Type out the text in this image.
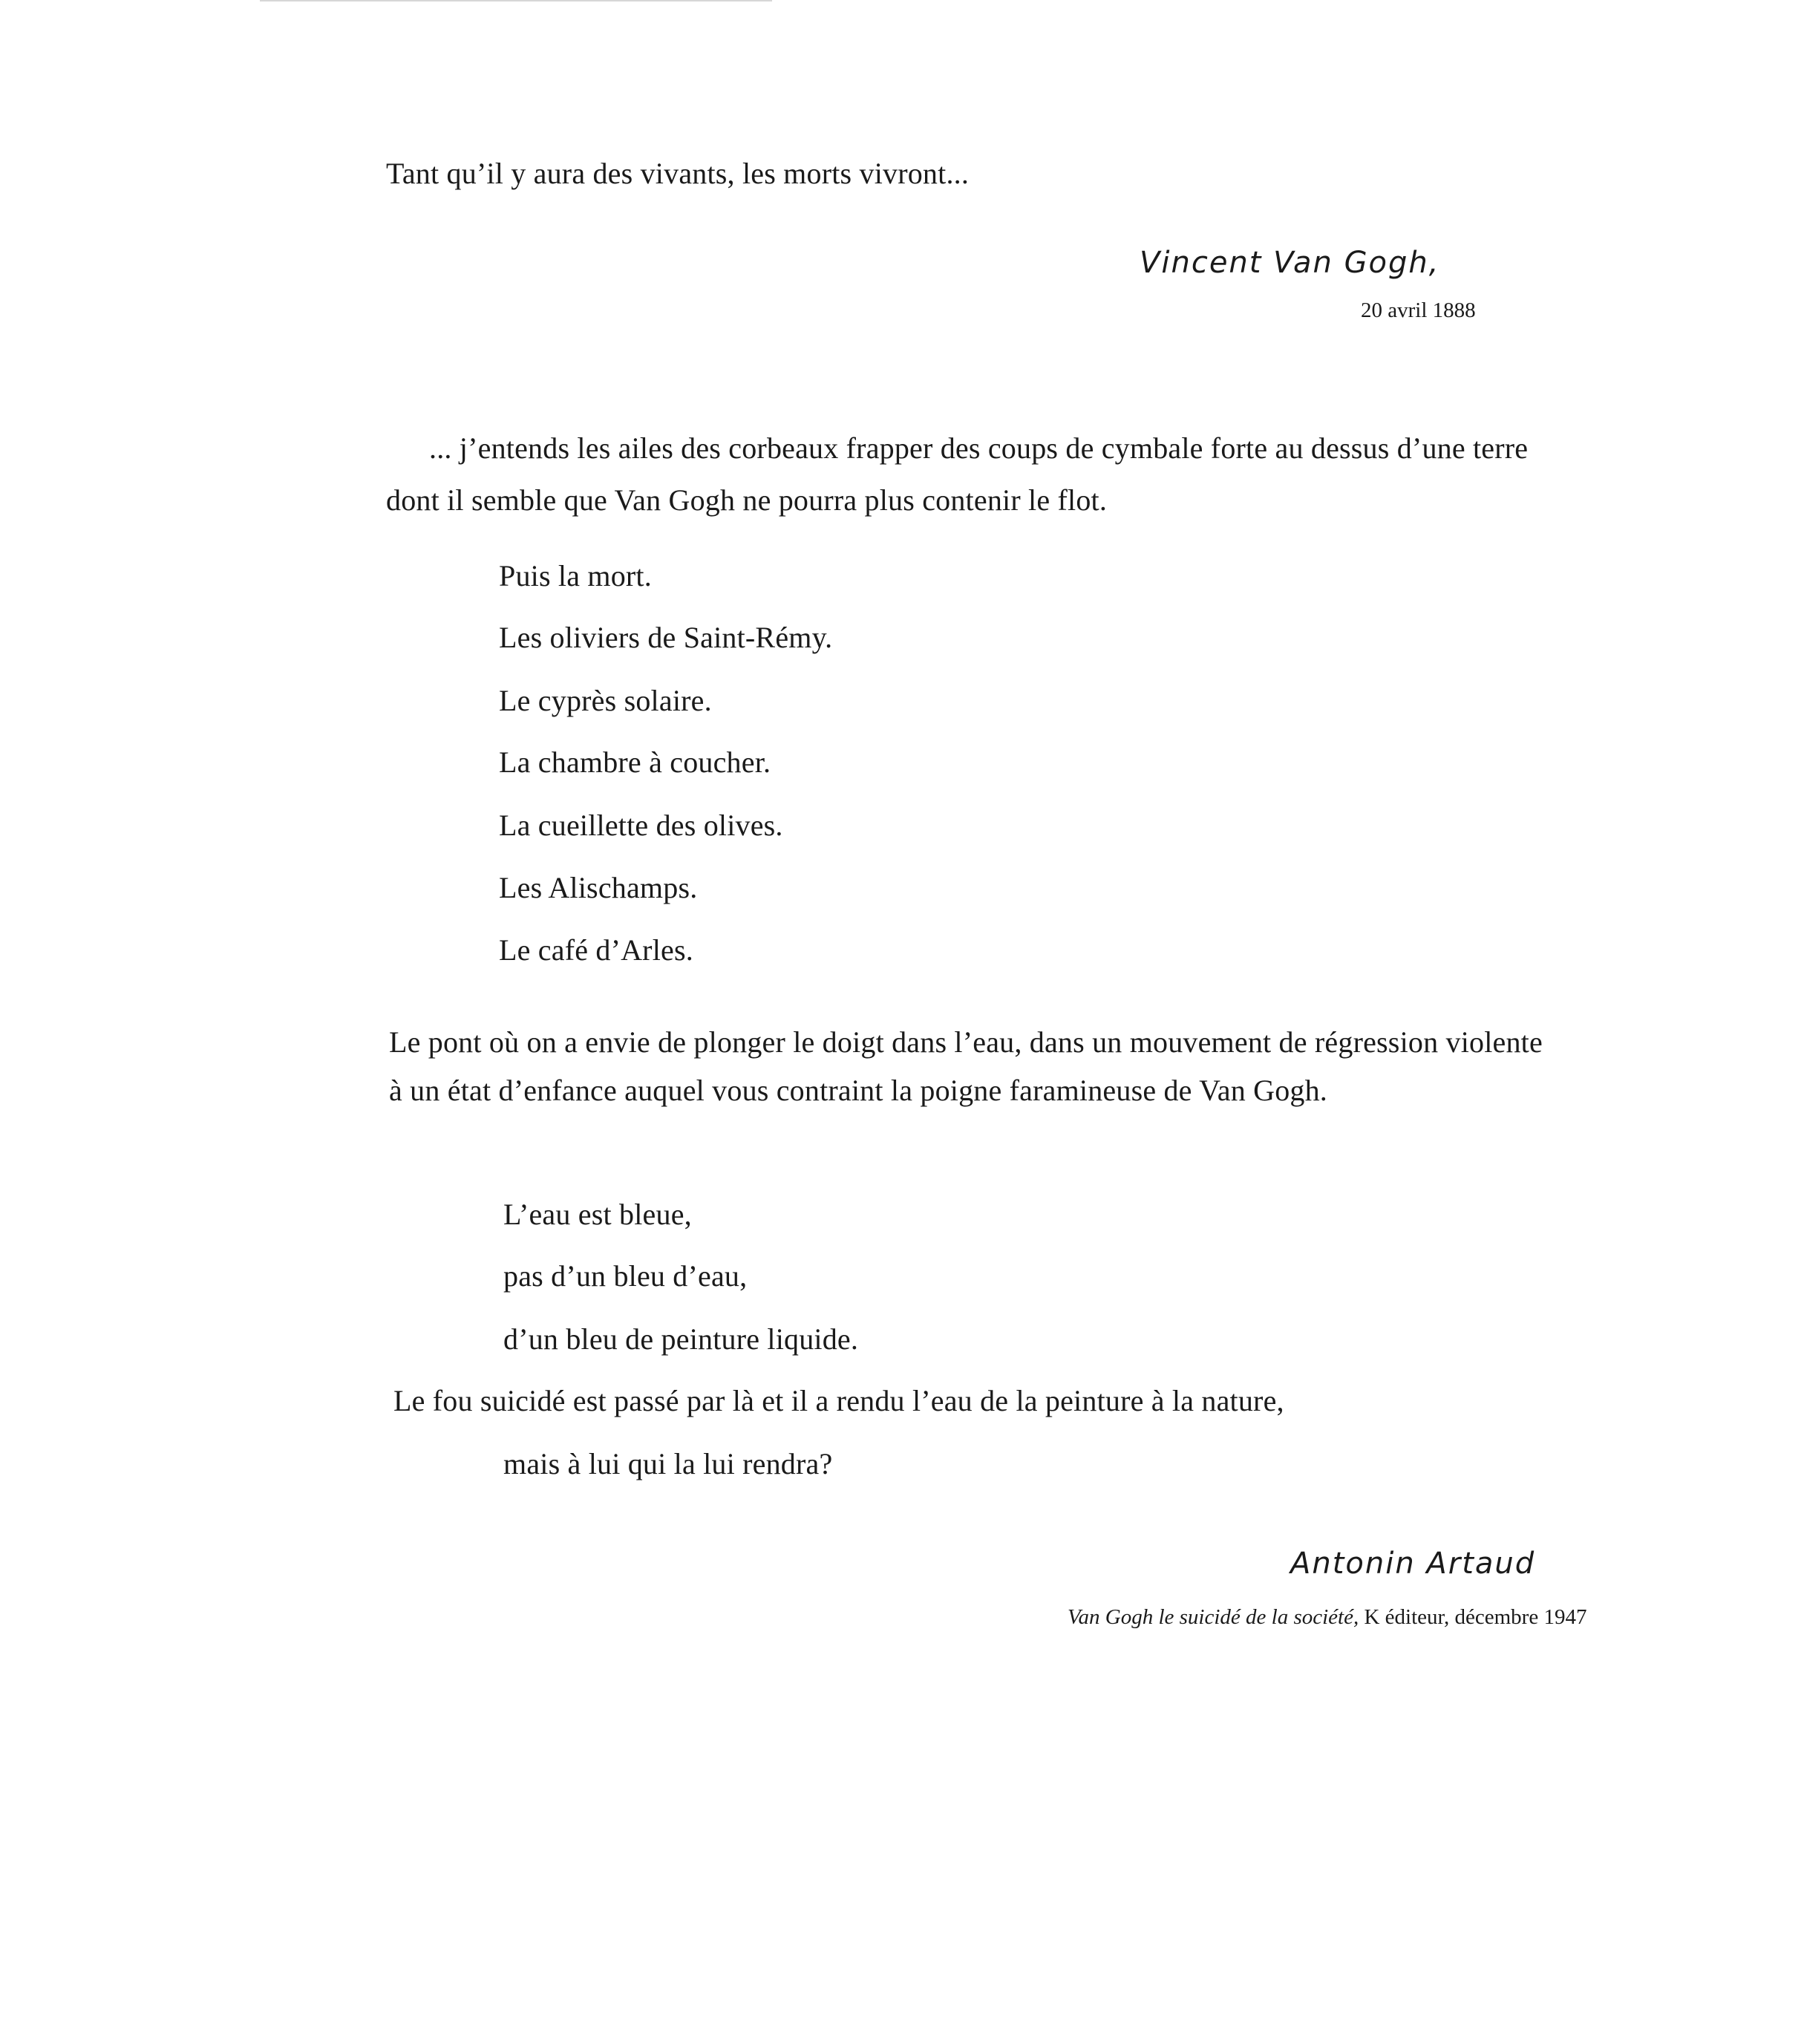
Tant qu’il y aura des vivants, les morts vivront...
Vincent Van Gogh,
20 avril 1888
... j’entends les ailes des corbeaux frapper des coups de cymbale forte au dessus d’une terre
dont il semble que Van Gogh ne pourra plus contenir le flot.
Puis la mort.
Les oliviers de Saint-Rémy.
Le cyprès solaire.
La chambre à coucher.
La cueillette des olives.
Les Alischamps.
Le café d’Arles.
Le pont où on a envie de plonger le doigt dans l’eau, dans un mouvement de régression violente
à un état d’enfance auquel vous contraint la poigne faramineuse de Van Gogh.
L’eau est bleue,
pas d’un bleu d’eau,
d’un bleu de peinture liquide.
Le fou suicidé est passé par là et il a rendu l’eau de la peinture à la nature,
mais à lui qui la lui rendra?
Antonin Artaud
Van Gogh le suicidé de la société, K éditeur, décembre 1947
